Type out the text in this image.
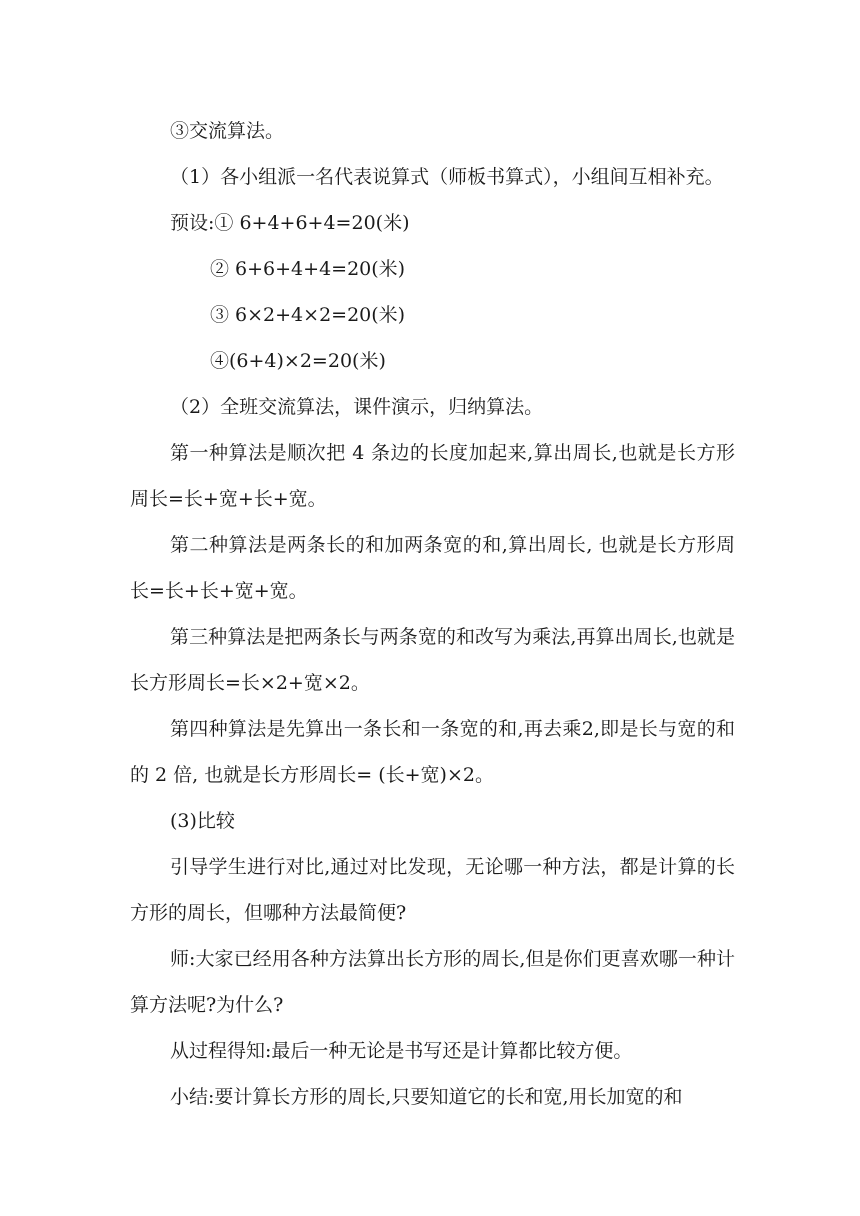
③交流算法。

（1）各小组派一名代表说算式（师板书算式），小组间互相补充。

预设:① 6+4+6+4=20(米)

② 6+6+4+4=20(米)

③ 6×2+4×2=20(米)

④(6+4)×2=20(米)

（2）全班交流算法，课件演示，归纳算法。

第一种算法是顺次把 4 条边的长度加起来,算出周长,也就是长方形周长=长+宽+长+宽。

第二种算法是两条长的和加两条宽的和,算出周长, 也就是长方形周长=长+长+宽+宽。

第三种算法是把两条长与两条宽的和改写为乘法,再算出周长,也就是长方形周长=长×2+宽×2。

第四种算法是先算出一条长和一条宽的和,再去乘2,即是长与宽的和的 2 倍, 也就是长方形周长= (长+宽)×2。

(3)比较

引导学生进行对比,通过对比发现，无论哪一种方法，都是计算的长方形的周长，但哪种方法最简便?

师:大家已经用各种方法算出长方形的周长,但是你们更喜欢哪一种计算方法呢?为什么?

从过程得知:最后一种无论是书写还是计算都比较方便。

小结:要计算长方形的周长,只要知道它的长和宽,用长加宽的和
